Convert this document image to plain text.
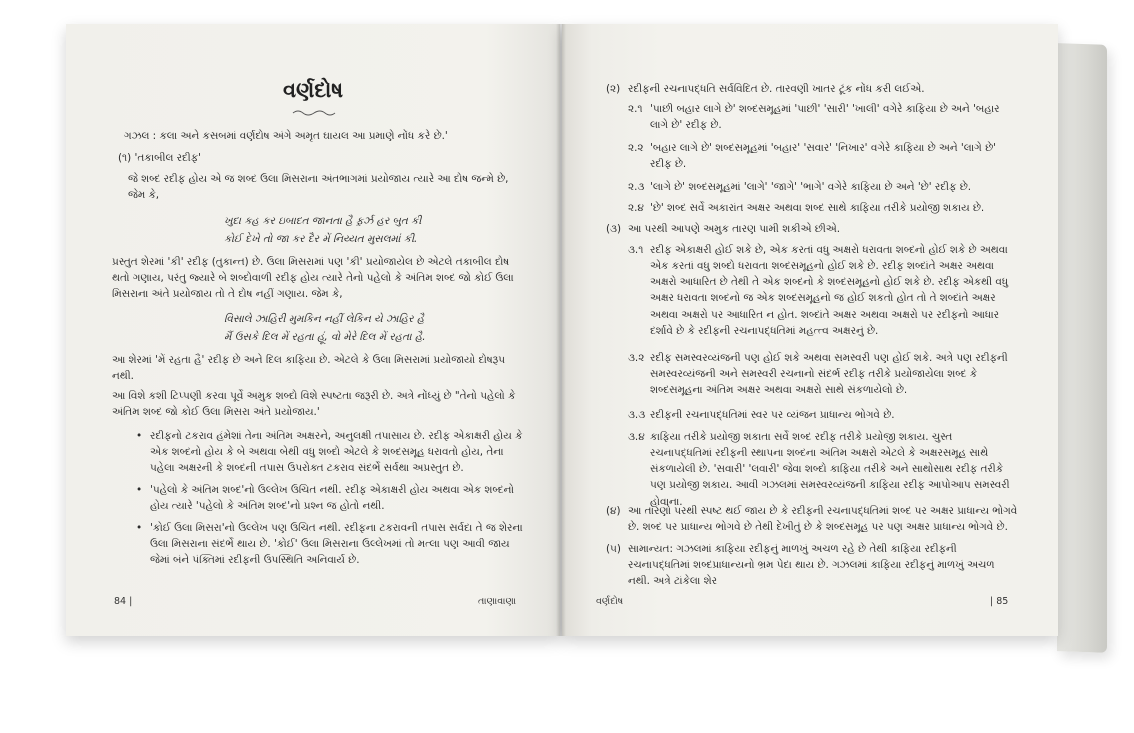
વર્ણદોષ
ગઝલ : કલા અને કસબમાં વર્ણદોષ અંગે અમૃત ઘાયલ આ પ્રમાણે નોંધ કરે છે.'
(૧) 'તકાબીલ રદીફ'
જે શબ્દ રદીફ હોય એ જ શબ્દ ઉલા મિસરાના અંતભાગમાં પ્રયોજાય ત્યારે આ દોષ જન્મે છે, જેમ કે,
ખુદા કહ કર ઇબાદત જાનતા હૈ ફ઼ર્ઝ હર બુત કી
કોઈ દેખે તો જા કર દૈર મેં નિય્યત મુસલમાં કી.
પ્રસ્તુત શેરમાં 'કી' રદીફ (તુકાન્ત) છે. ઉલા મિસરામાં પણ 'કી' પ્રયોજાયેલ છે એટલે તકાબીલ દોષ થતો ગણાય, પરંતુ જ્યારે બે શબ્દોવાળી રદીફ હોય ત્યારે તેનો પહેલો કે અંતિમ શબ્દ જો કોઈ ઉલા મિસરાના અંતે પ્રયોજાય તો તે દોષ નહીં ગણાય. જેમ કે,
વિસાલે ઝાહિરી મુમકિન નહીં લેકિન યે ઝાહિર હૈ
મૈં ઉસકે દિલ મેં રહતા હૂં, વો મેરે દિલ મેં રહતા હૈ.
આ શેરમાં 'મેં રહતા હૈ' રદીફ છે અને દિલ કાફિયા છે. એટલે કે ઉલા મિસરામાં પ્રયોજાયો દોષરૂપ નથી.
આ વિશે કશી ટિપ્પણી કરવા પૂર્વે અમુક શબ્દો વિશે સ્પષ્ટતા જરૂરી છે. અત્રે નોંધ્યું છે "તેનો પહેલો કે અંતિમ શબ્દ જો કોઈ ઉલા મિસરા અંતે પ્રયોજાય.'
• રદીફનો ટકરાવ હંમેશાં તેના અંતિમ અક્ષરને, અનુલક્ષી તપાસાય છે. રદીફ એકાક્ષરી હોય કે એક શબ્દનો હોય કે બે અથવા બેથી વધુ શબ્દો એટલે કે શબ્દસમૂહ ધરાવતો હોય, તેના પહેલા અક્ષરની કે શબ્દની તપાસ ઉપરોક્ત ટકરાવ સંદર્ભે સર્વથા અપ્રસ્તુત છે.
• 'પહેલો કે અંતિમ શબ્દ'નો ઉલ્લેખ ઉચિત નથી. રદીફ એકાક્ષરી હોય અથવા એક શબ્દનો હોય ત્યારે 'પહેલો કે અંતિમ શબ્દ'નો પ્રશ્ન જ હોતો નથી.
• 'કોઈ ઉલા મિસરા'નો ઉલ્લેખ પણ ઉચિત નથી. રદીફના ટકરાવની તપાસ સર્વદા તે જ શેરના ઉલા મિસરાના સંદર્ભે થાય છે. 'કોઈ' ઉલા મિસરાના ઉલ્લેખમાં તો મત્લા પણ આવી જાય જેમાં બંને પંક્તિમાં રદીફની ઉપસ્થિતિ અનિવાર્ય છે.
84 |	તાણાવાણા
(૨) રદીફની રચનાપદ્ધતિ સર્વવિદિત છે. તારવણી ખાતર ટૂંક નોંધ કરી લઈએ.
૨.૧ 'પાછી બહાર લાગે છે' શબ્દસમૂહમાં 'પાછી' 'સારી' 'ખાલી' વગેરે કાફિયા છે અને 'બહાર લાગે છે' રદીફ છે.
૨.૨ 'બહાર લાગે છે' શબ્દસમૂહમાં 'બહાર' 'સવાર' 'નિખાર' વગેરે કાફિયા છે અને 'લાગે છે' રદીફ છે.
૨.૩ 'લાગે છે' શબ્દસમૂહમાં 'લાગે' 'જાગે' 'ભાગે' વગેરે કાફિયા છે અને 'છે' રદીફ છે.
૨.૪ 'છે' શબ્દ સર્વે અકારાંત અક્ષર અથવા શબ્દ સાથે કાફિયા તરીકે પ્રયોજી શકાય છે.
(૩) આ પરથી આપણે અમુક તારણ પામી શકીએ છીએ.
૩.૧ રદીફ એકાક્ષરી હોઈ શકે છે, એક કરતાં વધુ અક્ષરો ધરાવતા શબ્દનો હોઈ શકે છે અથવા એક કરતાં વધુ શબ્દો ધરાવતા શબ્દસમૂહનો હોઈ શકે છે. રદીફ શબ્દાંતે અક્ષર અથવા અક્ષરો આધારિત છે તેથી તે એક શબ્દનો કે શબ્દસમૂહનો હોઈ શકે છે. રદીફ એકથી વધુ અક્ષર ધરાવતા શબ્દનો જ એક શબ્દસમૂહનો જ હોઈ શકતો હોત તો તે શબ્દાંતે અક્ષર અથવા અક્ષરો પર આધારિત ન હોત. શબ્દાંતે અક્ષર અથવા અક્ષરો પર રદીફનો આધાર દર્શાવે છે કે રદીફની રચનાપદ્ધતિમાં મહત્ત્વ અક્ષરનું છે.
૩.૨ રદીફ સમસ્વરવ્યંજની પણ હોઈ શકે અથવા સમસ્વરી પણ હોઈ શકે. અત્રે પણ રદીફની સમસ્વરવ્યંજની અને સમસ્વરી રચનાનો સંદર્ભ રદીફ તરીકે પ્રયોજાયેલા શબ્દ કે શબ્દસમૂહના અંતિમ અક્ષર અથવા અક્ષરો સાથે સંકળાયેલો છે.
૩.૩ રદીફની રચનાપદ્ધતિમાં સ્વર પર વ્યંજન પ્રાધાન્ય ભોગવે છે.
૩.૪ કાફિયા તરીકે પ્રયોજી શકાતા સર્વે શબ્દ રદીફ તરીકે પ્રયોજી શકાય. ચુસ્ત રચનાપદ્ધતિમાં રદીફની સ્થાપના શબ્દના અંતિમ અક્ષરો એટલે કે અક્ષરસમૂહ સાથે સંકળાયેલી છે. 'સવારી' 'લવારી' જેવા શબ્દો કાફિયા તરીકે અને સાથોસાથ રદીફ તરીકે પણ પ્રયોજી શકાય. આવી ગઝલમાં સમસ્વરવ્યંજની કાફિયા રદીફ આપોઆપ સમસ્વરી હોવાના.
(૪) આ તારણો પરથી સ્પષ્ટ થઈ જાય છે કે રદીફની રચનાપદ્ધતિમાં શબ્દ પર અક્ષર પ્રાધાન્ય ભોગવે છે. શબ્દ પર પ્રાધાન્ય ભોગવે છે તેથી દેખીતું છે કે શબ્દસમૂહ પર પણ અક્ષર પ્રાધાન્ય ભોગવે છે.
(૫) સામાન્યત: ગઝલમાં કાફિયા રદીફનું માળખું અચળ રહે છે તેથી કાફિયા રદીફની રચનાપદ્ધતિમાં શબ્દપ્રાધાન્યનો ભ્રમ પેદા થાય છે. ગઝલમાં કાફિયા રદીફનું માળખું અચળ નથી. અત્રે ટાંકેલા શેર
વર્ણદોષ	| 85
